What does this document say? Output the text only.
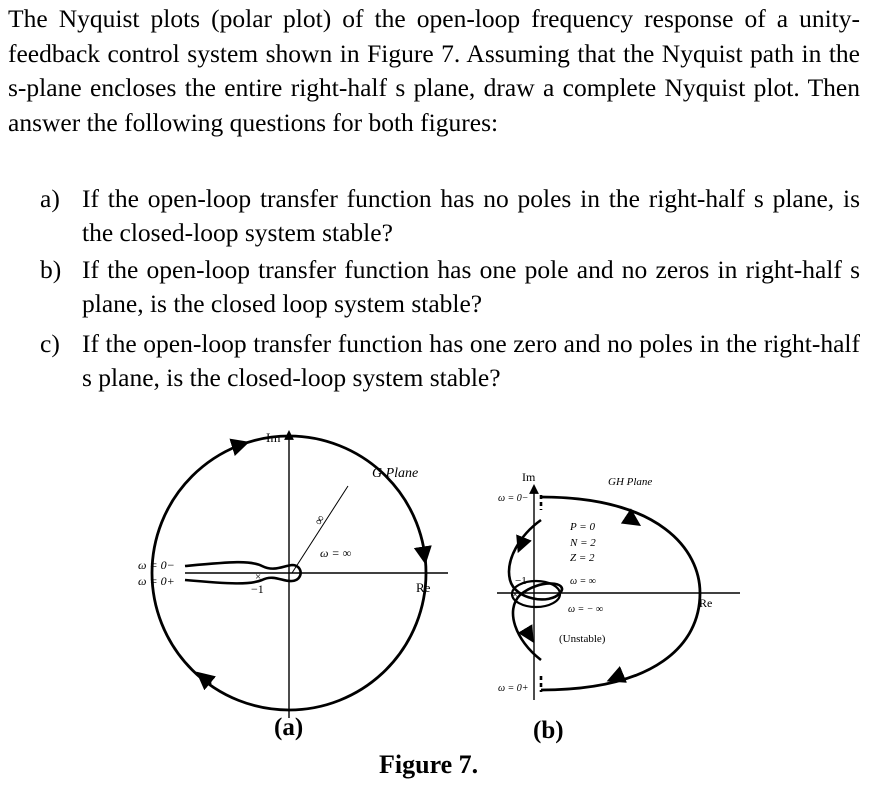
The Nyquist plots (polar plot) of the open-loop frequency response of a unity-feedback control system shown in Figure 7. Assuming that the Nyquist path in the s-plane encloses the entire right-half s plane, draw a complete Nyquist plot. Then answer the following questions for both figures:

a) If the open-loop transfer function has no poles in the right-half s plane, is the closed-loop system stable?
b) If the open-loop transfer function has one pole and no zeros in right-half s plane, is the closed loop system stable?
c) If the open-loop transfer function has one zero and no poles in the right-half s plane, is the closed-loop system stable?
×
−1
Im
G Plane
Re
∞
ω = ∞
ω = 0−
ω = 0+
(a)
×
−1
Im	GH Plane
ω = 0−
ω = 0+
P = 0
N = 2
Z = 2
ω = ∞
ω = − ∞
(Unstable)
Re
(b)
Figure 7.
